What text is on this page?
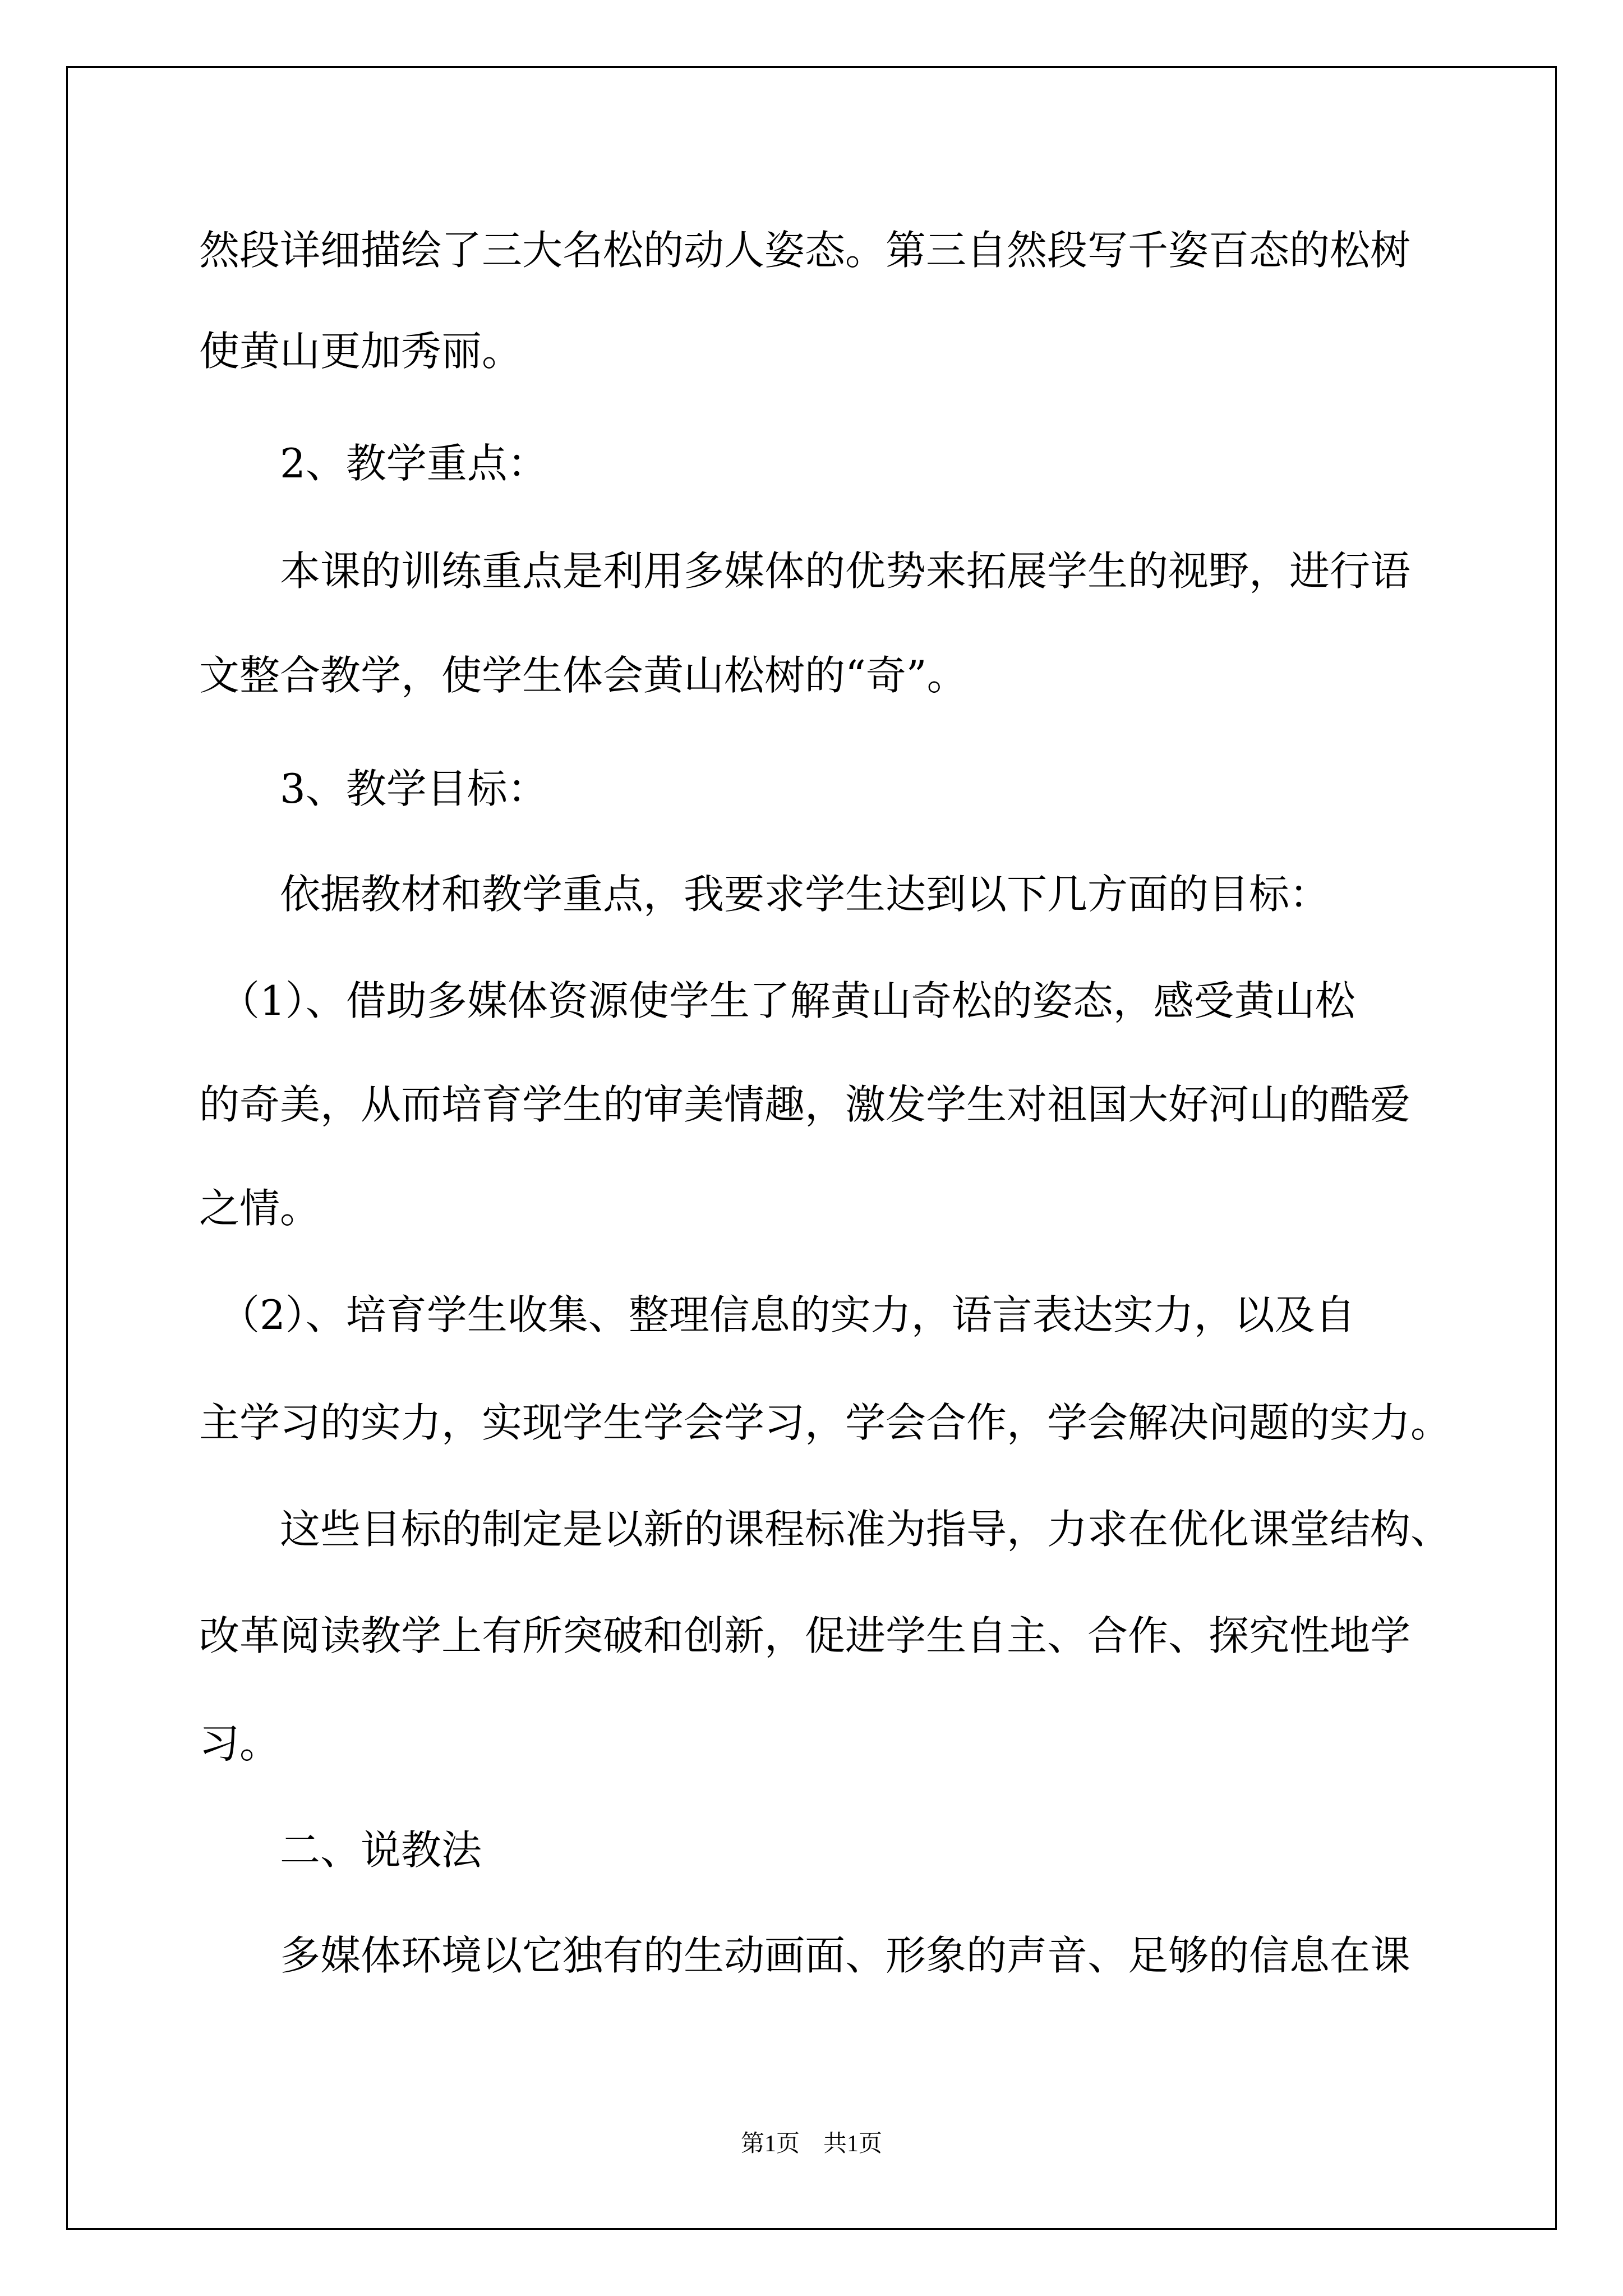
然段详细描绘了三大名松的动人姿态。第三自然段写千姿百态的松树
使黄山更加秀丽。
　　2、教学重点：
　　本课的训练重点是利用多媒体的优势来拓展学生的视野，进行语
文整合教学，使学生体会黄山松树的“奇”。
　　3、教学目标：
　　依据教材和教学重点，我要求学生达到以下几方面的目标：
　（1）、借助多媒体资源使学生了解黄山奇松的姿态，感受黄山松
的奇美，从而培育学生的审美情趣，激发学生对祖国大好河山的酷爱
之情。
　（2）、培育学生收集、整理信息的实力，语言表达实力，以及自
主学习的实力，实现学生学会学习，学会合作，学会解决问题的实力。
　　这些目标的制定是以新的课程标准为指导，力求在优化课堂结构、
改革阅读教学上有所突破和创新，促进学生自主、合作、探究性地学
习。
　　二、说教法
　　多媒体环境以它独有的生动画面、形象的声音、足够的信息在课
第1页　共1页
